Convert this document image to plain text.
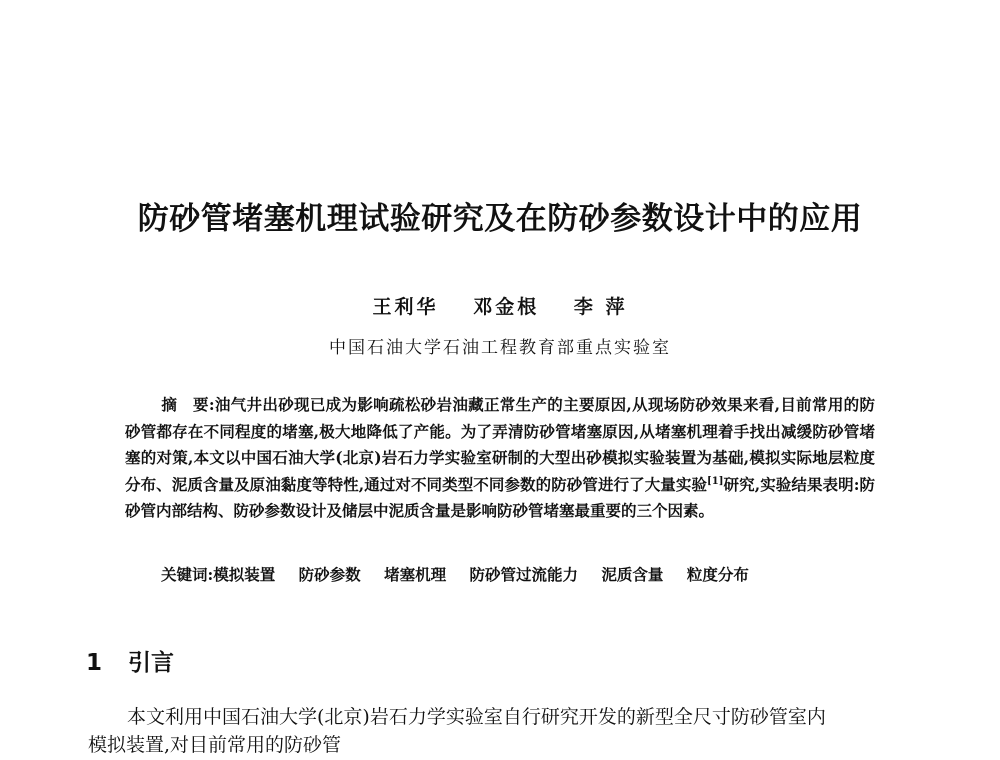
防砂管堵塞机理试验研究及在防砂参数设计中的应用
王利华 邓金根 李 萍
中国石油大学石油工程教育部重点实验室
摘　要:油气井出砂现已成为影响疏松砂岩油藏正常生产的主要原因,从现场防砂效果来看,目前常用的防砂管都存在不同程度的堵塞,极大地降低了产能。为了弄清防砂管堵塞原因,从堵塞机理着手找出减缓防砂管堵塞的对策,本文以中国石油大学(北京)岩石力学实验室研制的大型出砂模拟实验装置为基础,模拟实际地层粒度分布、泥质含量及原油黏度等特性,通过对不同类型不同参数的防砂管进行了大量实验[1]研究,实验结果表明:防砂管内部结构、防砂参数设计及储层中泥质含量是影响防砂管堵塞最重要的三个因素。
关键词:模拟装置 防砂参数 堵塞机理 防砂管过流能力 泥质含量 粒度分布
1 引言
本文利用中国石油大学(北京)岩石力学实验室自行研究开发的新型全尺寸防砂管室内
模拟装置,对目前常用的防砂管
